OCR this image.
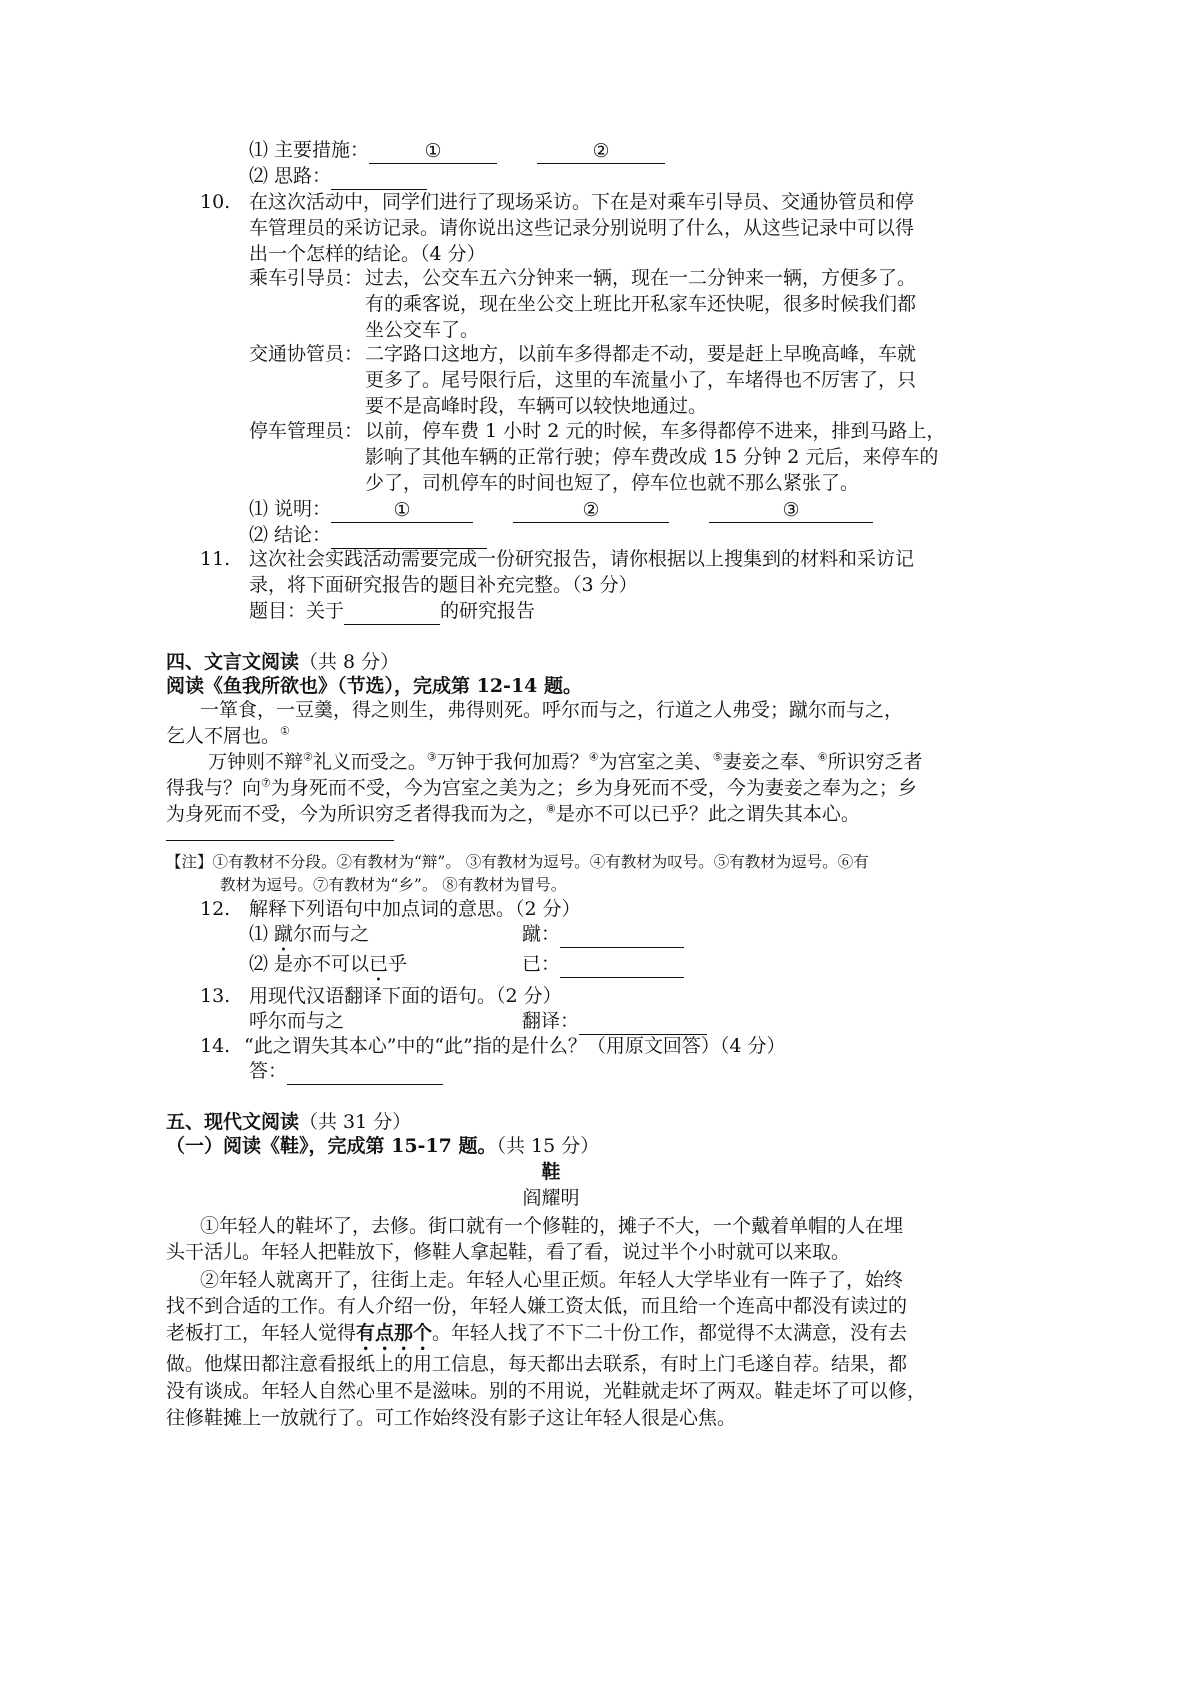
⑴ 主要措施：	①	②
⑵ 思路：
10. 在这次活动中，同学们进行了现场采访。下在是对乘车引导员、交通协管员和停
车管理员的采访记录。请你说出这些记录分别说明了什么，从这些记录中可以得
出一个怎样的结论。（4 分）
乘车引导员： 过去，公交车五六分钟来一辆，现在一二分钟来一辆，方便多了。
有的乘客说，现在坐公交上班比开私家车还快呢，很多时候我们都
坐公交车了。
交通协管员： 二字路口这地方，以前车多得都走不动，要是赶上早晚高峰，车就
更多了。尾号限行后，这里的车流量小了，车堵得也不厉害了，只
要不是高峰时段，车辆可以较快地通过。
停车管理员： 以前，停车费 1 小时 2 元的时候，车多得都停不进来，排到马路上，
影响了其他车辆的正常行驶；停车费改成 15 分钟 2 元后，来停车的
少了，司机停车的时间也短了，停车位也就不那么紧张了。
⑴ 说明：	①	②	③
⑵ 结论：
11. 这次社会实践活动需要完成一份研究报告，请你根据以上搜集到的材料和采访记
录，将下面研究报告的题目补充完整。（3 分）
题目：关于	的研究报告
四、文言文阅读（共 8 分）
阅读《鱼我所欲也》（节选），完成第 12-14 题。
一箪食，一豆羹，得之则生，弗得则死。呼尔而与之，行道之人弗受；蹴尔而与之，
乞人不屑也。①
万钟则不辩②礼义而受之。③万钟于我何加焉？④为宫室之美、⑤妻妾之奉、⑥所识穷乏者
得我与？向⑦为身死而不受，今为宫室之美为之；乡为身死而不受，今为妻妾之奉为之；乡
为身死而不受，今为所识穷乏者得我而为之，⑧是亦不可以已乎？此之谓失其本心。
【注】①有教材不分段。②有教材为“辩”。 ③有教材为逗号。④有教材为叹号。⑤有教材为逗号。⑥有
教材为逗号。⑦有教材为“乡”。 ⑧有教材为冒号。
12. 解释下列语句中加点词的意思。（2 分）
⑴ 蹴尔而与之	蹴：
⑵ 是亦不可以已乎	已：
13. 用现代汉语翻译下面的语句。（2 分）
呼尔而与之	翻译：
14. “此之谓失其本心”中的“此”指的是什么？（用原文回答）（4 分）
答：
五、现代文阅读（共 31 分）
（一）阅读《鞋》，完成第 15-17 题。（共 15 分）
鞋
阎耀明
①年轻人的鞋坏了，去修。街口就有一个修鞋的，摊子不大，一个戴着单帽的人在埋
头干活儿。年轻人把鞋放下，修鞋人拿起鞋，看了看，说过半个小时就可以来取。
②年轻人就离开了，往街上走。年轻人心里正烦。年轻人大学毕业有一阵子了，始终
找不到合适的工作。有人介绍一份，年轻人嫌工资太低，而且给一个连高中都没有读过的
老板打工，年轻人觉得有点那个。年轻人找了不下二十份工作，都觉得不太满意，没有去
做。他煤田都注意看报纸上的用工信息，每天都出去联系，有时上门毛遂自荐。结果，都
没有谈成。年轻人自然心里不是滋味。别的不用说，光鞋就走坏了两双。鞋走坏了可以修，
往修鞋摊上一放就行了。可工作始终没有影子这让年轻人很是心焦。
